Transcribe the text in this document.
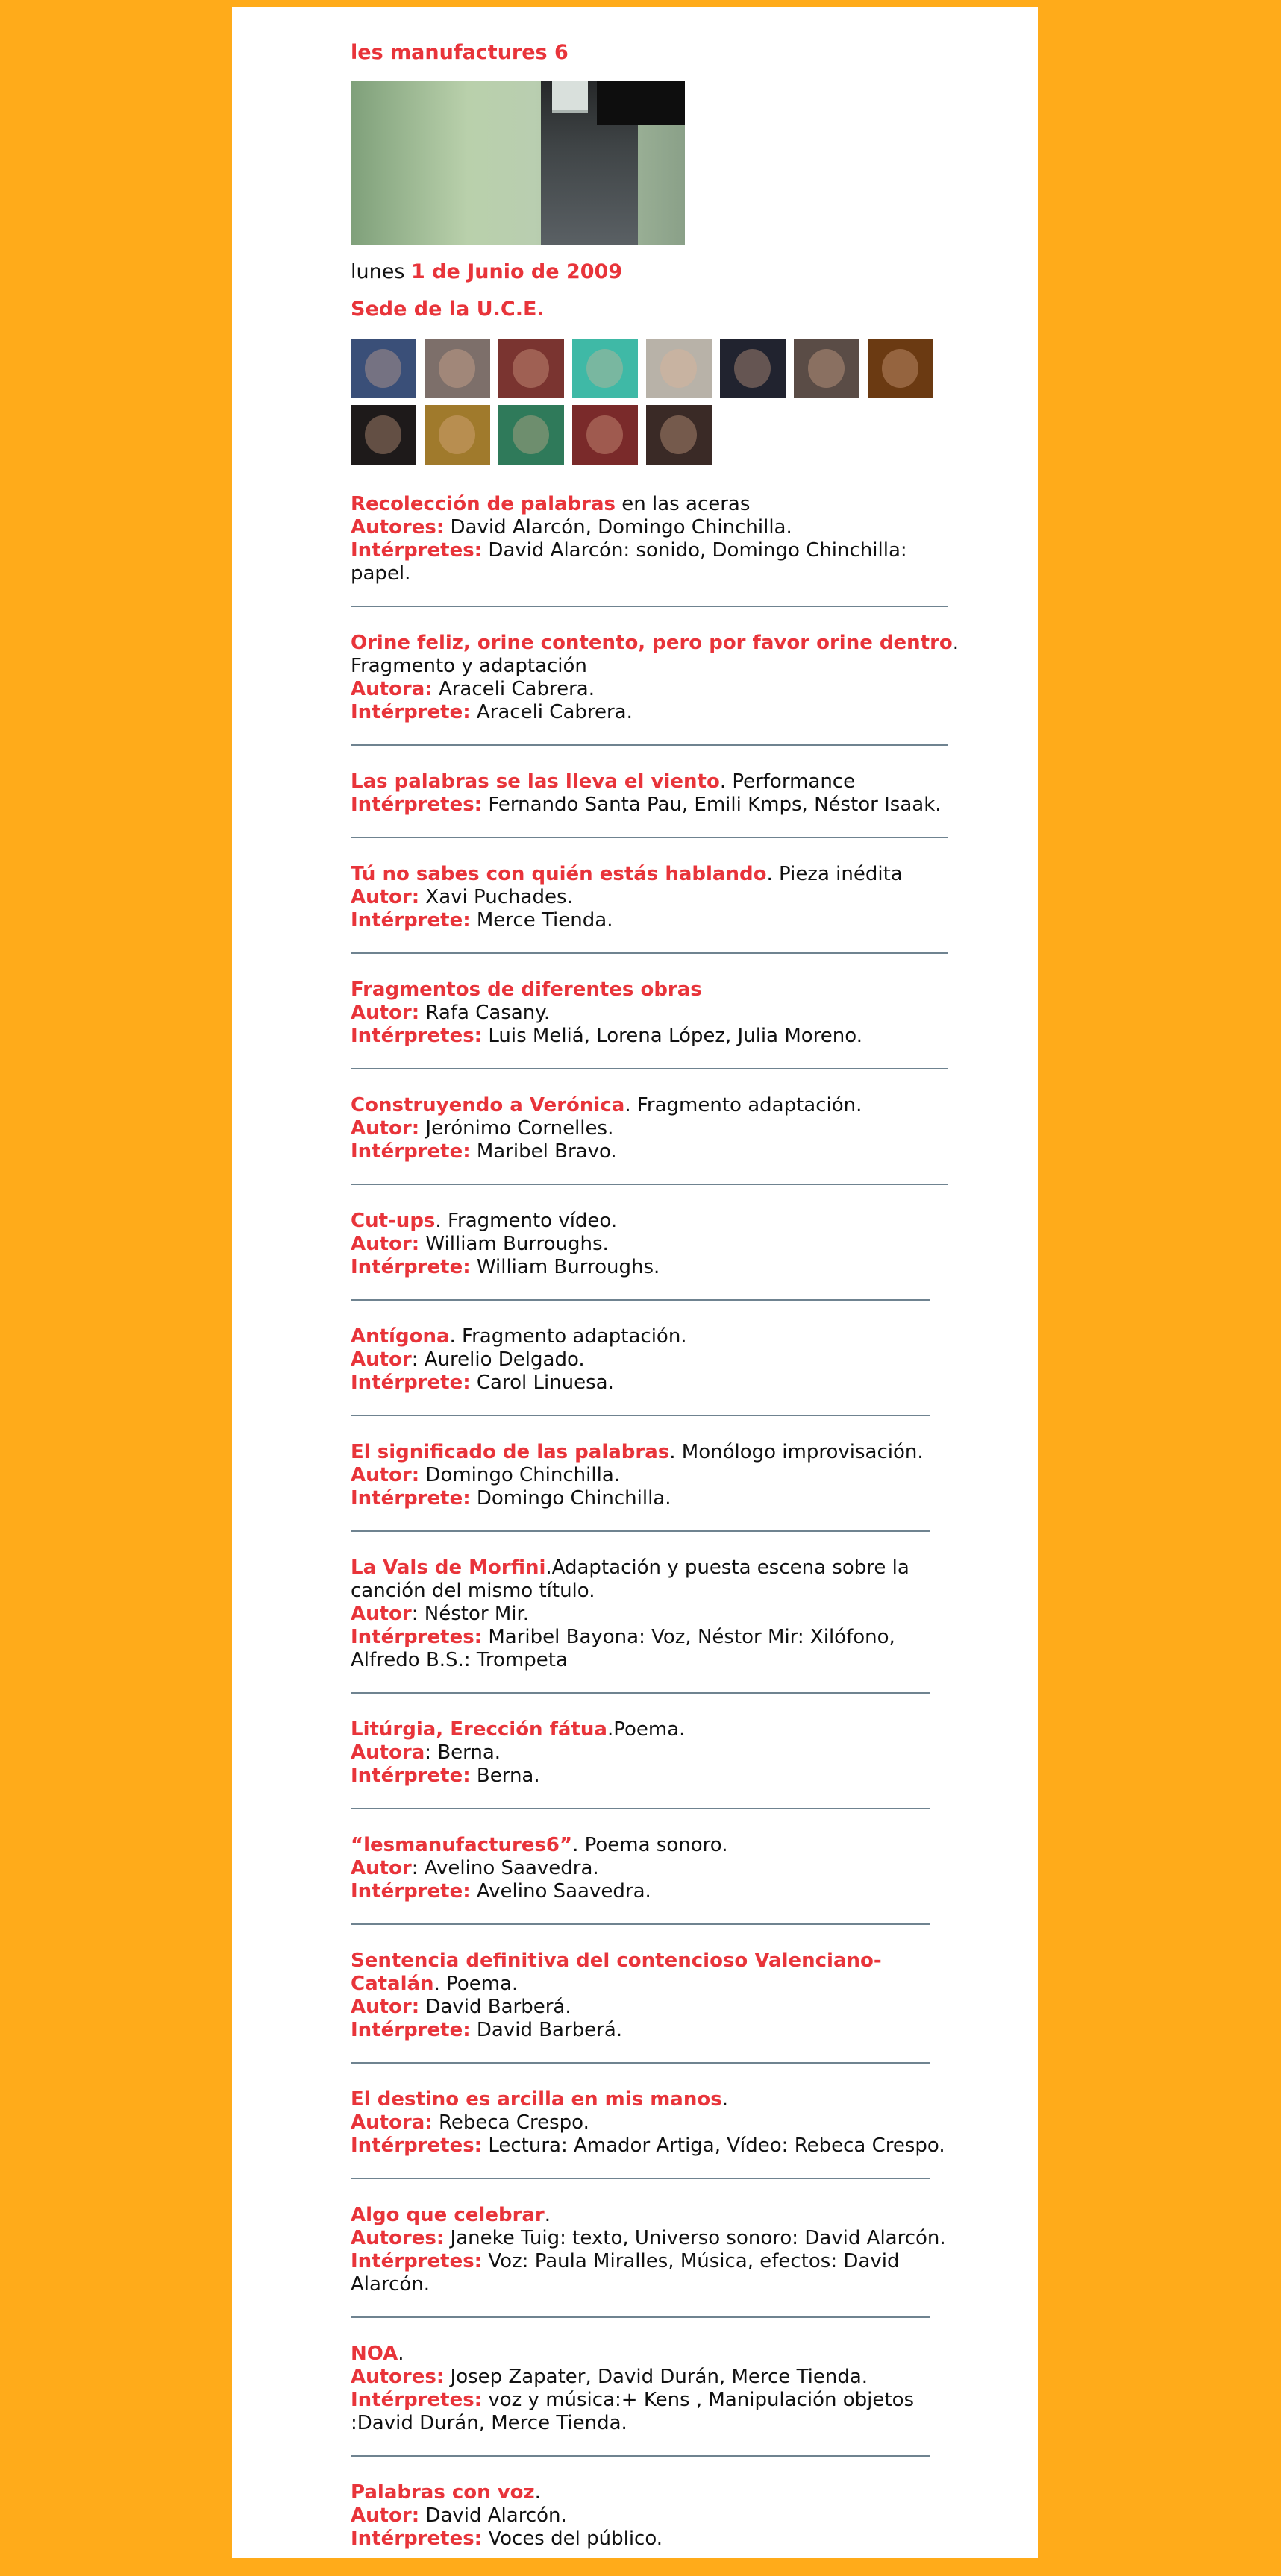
les manufactures 6
lunes 1 de Junio de 2009
Sede de la U.C.E.
Recolección de palabras en las aceras
Autores: David Alarcón, Domingo Chinchilla.
Intérpretes: David Alarcón: sonido, Domingo Chinchilla: papel.
Orine feliz, orine contento, pero por favor orine dentro. Fragmento y adaptación
Autora: Araceli Cabrera.
Intérprete: Araceli Cabrera.
Las palabras se las lleva el viento. Performance
Intérpretes: Fernando Santa Pau, Emili Kmps, Néstor Isaak.
Tú no sabes con quién estás hablando. Pieza inédita
Autor: Xavi Puchades.
Intérprete: Merce Tienda.
Fragmentos de diferentes obras
Autor: Rafa Casany.
Intérpretes: Luis Meliá, Lorena López, Julia Moreno.
Construyendo a Verónica. Fragmento adaptación.
Autor: Jerónimo Cornelles.
Intérprete: Maribel Bravo.
Cut-ups. Fragmento vídeo.
Autor: William Burroughs.
Intérprete: William Burroughs.
Antígona. Fragmento adaptación.
Autor: Aurelio Delgado.
Intérprete: Carol Linuesa.
El significado de las palabras. Monólogo improvisación.
Autor: Domingo Chinchilla.
Intérprete: Domingo Chinchilla.
La Vals de Morfini.Adaptación y puesta escena sobre la canción del mismo título.
Autor: Néstor Mir.
Intérpretes: Maribel Bayona: Voz, Néstor Mir: Xilófono, Alfredo B.S.: Trompeta
Litúrgia, Erección fátua.Poema.
Autora: Berna.
Intérprete: Berna.
“lesmanufactures6”. Poema sonoro.
Autor: Avelino Saavedra.
Intérprete: Avelino Saavedra.
Sentencia definitiva del contencioso Valenciano-Catalán. Poema.
Autor: David Barberá.
Intérprete: David Barberá.
El destino es arcilla en mis manos.
Autora: Rebeca Crespo.
Intérpretes: Lectura: Amador Artiga, Vídeo: Rebeca Crespo.
Algo que celebrar.
Autores: Janeke Tuig: texto, Universo sonoro: David Alarcón.
Intérpretes: Voz: Paula Miralles, Música, efectos: David Alarcón.
NOA.
Autores: Josep Zapater, David Durán, Merce Tienda.
Intérpretes: voz y música:+ Kens , Manipulación objetos :David Durán, Merce Tienda.
Palabras con voz.
Autor: David Alarcón.
Intérpretes: Voces del público.
